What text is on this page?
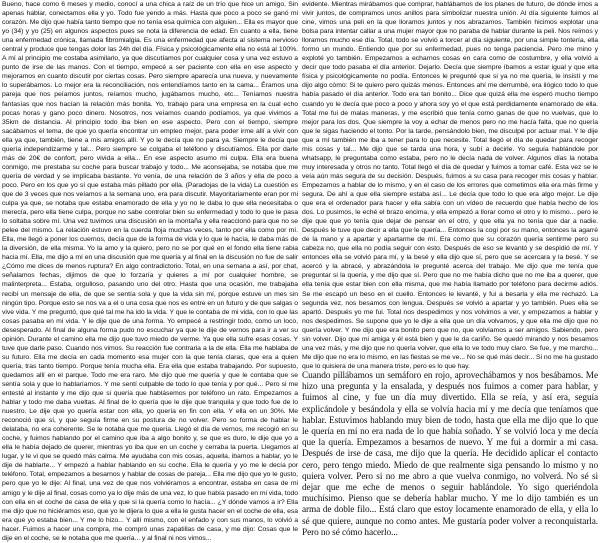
Bueno, hace como 6 meses y medio, conocí a una chica a raíz de un trío que hice un amigo. Sin apenas hablar, conectamos ella y yo. Todo fue yendo a más. Hasta que poco a poco se ganó mi corazón. Me dijo que había tanto tiempo que no tenía esa química con alguien... Ella es mayor que yo (34) y yo (25) en algunos aspectos pues se nota la diferencia de edad. En cuanto a ella, tiene una enfermedad crónica, llamada fibromialgia. Es una enfermedad que afecta al sistema nervioso central y produce que tengas dolor las 24h del día. Física y psicológicamente ella no está al 100%. A mí al principio me costaba asimilarlo, ya que discutíamos por cualquier cosa y una vez estuvo a punto de irse de las manos. Con el tiempo, empecé a ser paciente con ella en ese aspecto y mejoramos en cuanto discutir por ciertas cosas. Pero siempre aparecía una nueva, y nuevamente lo superábamos. Lo mejor era la reconciliación, nos entendíamos tanto en la cama... Éramos una pareja que nos peíamos juntos, reíamos mucho, jugábamos mucho, etc... Teníamos nuestra fantasías que nos hacían la relación más bonita. Yo, trabajo para una empresa en la cual echo pocas horas y gano poco dinero. Nosotros, nos veíamos cuando podíamos, ya que vivimos a 35km de distancia. Al principio todo iba bien en ese aspecto. Pero con el tiempo, siempre sacábamos el tema, de que yo quería encontrar un empleo mejor, para poder irme allí a vivir con ella ya que, también, tiene a mis amigos allí. Y yo le decía que no para ya. Siempre le decía que quería independizarme y tal... Pero siempre se colgaba el teléfono y discutíamos. Ella por darle más de 20€ de confort, pero vivida a ella... En ese aspecto asumo mi culpa. Ella era buena conmigo, me prestaba su coche para buscar trabajo y todo... Me aconsejaba, se notaba que me quería de verdad y se implicaba bastante. Yo venía, de una relación de 3 años y ella de poco a poco. Pero en los que yo sí que estaba más pillado por ella. (Paradojas de la vida) La cuestión es que de 3 veces que nos veíamos a la semana uno, era para discutir. Mayoritariamente eran por mi culpa ya que, se notaba que estaba enamorado de ella y yo no le daba lo que ella necesitaba o merecía, pero ella tiene culpa, porque no sabe controlar bien su enfermedad y todo lo que le pasa lo soltaba sobre mí. Una vez tuvimos una discusión en la montaña y ella reaccionó para que no se pelee del mismo. La relación estuvo en la cuerda floja muchas veces, tanto por ella como por mí. Ella, me llegó a poner los cuernos, decía que de la forma de vida y lo que le hacía, le daba más de la diversión, de ella misma. Yo la amo y la quiero, pero no se por qué en el fondo ella tiene rabia hacia mí. Ella, me dijo a mí en una discusión que me quería y al final en la discusión no fue de salir ¿Cómo me dices de menos ruptura? En algo contradictorio. Total, en una semana a así, por chat, señalamos fechas, dijimos de que lo forzaría y quieres a mí por cualquier hombre, se malinterpreta... Estaba, orgulloso, pasando uno del otro. Hasta que una ocasión, me trabajaba recibí un mensaje de ella, de que se sentía sola y que la vida sin mí, porque estuve un mes sin ningún tipo. Porque esto se nos va a el o una cosa que nos es entre en un futuro y de que salgas o vive vida. Y me preguntó, que qué tal me ha ido la vida. Y que le contaba de mi vida, con lo que las cosas pasaba en mi vida. Y le dije que de una forma. Yo empecé a restringir todo, como un loco, desesperado. Al final de alguna forma pudo no escuchar ya que le dije de vernos para ir a ver su opinión. Durante el camino ella me dijo que tuvo miedo de verme. Ya que ella sufre esas cosas. Y tuve que darle paso. Cuando nos vimos. Su reacción fue contraria a la de ella. Ella me hablaba de su futuro. Ella me decía en cada momento esa mujer con la que tenía claras, que era a quien quería, tras tanto tiempo. Porque tenía mucha ella. Era ella que estaba trabajando. Por supuesto, quedamos allí en el parque. Todo me era raro. Me dijo que me quería y que le contaba que se sentía sola y que lo hablaríamos. Y me sentí culpable de todo lo que tenía y por qué... Pero si me entesté al instante y me dijo que si quería que hablásemos por teléfono un rato. Empezamos a hablar y todo me daba vueltas. Al final de lo quería que le dije que tranquila y que todo fue de lo nuestro. Le dije que yo quería estar con ella, yo quería en fin con ella. Y ella en un 30%. Me reconoció que sí, y que seguía firme en su postura de no volver. Pero so forma de hablar le delataba, no era coherente. Se le notaba que me quería. Llegó el día de vernos, me recogió en su coche, y fuimos hablando por el camino que iba a algo bonito y, se que es duro, le dije que yo a ella le había dejado de querer, mientras yo iba que en un coche y cerraba la puerta. Llegamos al lugar, y le vi que se quedó más calma. Me ayudaba con mis cosas, aquella, ibamos a hablar, yo le dije de hablarte... Y empezó a hablar hablando en su coche. Ella le quería y yo me le decía por teléfono. Total, empezamos a besarnos y hablar de cosas de pareja... Ella me dijo que yo le gusto, pero que yo le dije: Al final, una vez de que nos volviéramos a encontrar, estaba en casa de mi amigo y le dije al final, cosas como ya lo dije más de una vez, lo que había pasado en mi vida, todo con ella en el coche de casa de ella y que si la quería como lo hacía... ¿Y dónde vamos a ir? Ella me dijo que no hiciéramos eso, que yo le dijera lo que a ella le gusta hacer en el coche de ella, esa era que yo estaba bien... Y me lo hizo... Y allí mismo, con el enfado y con sus manos, lo volvió a hacer. Fuimos a hacer una compra, me compró unas zapatillas de casa, y me dijo: Cosas que le dije en el coche, se le notaba que me quería... y al final ni nos vimos...

evidente. Mientras mirábamos que comprar, hablábamos de los planes de futuro, de dónde irnos a vivir juntos, de compramos unos anillos para simbolizar nuestra unión. Al día siguiente fuimos al cine, vimos una peli en la que lloramos juntos y nos abrazamos. También hicimos explotar una bolsa para intentar callar a una mujer mayor que no paraba de hablar durante la peli. Nos reímos y lloramos mucho ese día. Total, todo se volvió a torcer al día siguiente, por una simple tontería, ella formo un mundo. Entiendo que por su enfermedad, pues no tenga paciencia. Pero me mino y exploté yo también. Empezamos a echarnos cosas en cara como de costumbre, y ella volvió a decir que todo pasaba el día anterior. Dejarlo. Decía que siempre íbamos a estar igual y que ella física y psicológicamente no podía. Entonces le pregunté que si ya no me quería, le insistí y me dijo algo cómo: Si te quiero pero quizás menos. Entonces ahí me derrumbé, era ilógico todo lo que había pasado el día anterior. Todo era tan bonito... Dice que quizá ella me esperó mucho tiempo cuando yo le decía que poco a poco y ahora soy yo el que está perdidamente enamorado de ella. Total me fui de malas maneras, y me escribió que tenía como ganas de que no vuelvas, que lo mejor para los dos. Que siempre la voy a echar de menos pero no me hacía falta, que no quería que le sigas haciendo el tonto. Por la tarde, pensándolo bien, me disculpé por actuar mal. Y le dije que a mí también me iba a tener para lo que necesite. Total llegó el día de quedar para recoger mis cosas y tal... Me dijo que se tarda una hora, y subí a decirle. Yo seguía hablándole por whatsapp, le preguntaba como estaba, pero no le decía nada de volver. Algunos días la notaba muy interesada y otros no tanto. Total llegó el día de quedar y fuimos a tomar café. Esta vez se le veía aún más segura de su decisión. Después, fuimos a su casa para recoger mis cosas y hablar. Empezamos a hablar de lo mismo, y en el caso de los errores que cometimos ella era más firme y segura. De ahí a que ella siempre estaba así... Le decía que todo lo que era algo mejor. Le dije que era el ordenador para hacer y ella sabía con un vídeo de recuerdo que había hecho de los dos. Lo pusimos, le eché el brazo encima, y ella empezó a llorar como el otro y lo mismo... pero le dije que que yo tenía que dejar de pensar en el otro, y que ella ya no tenía que dar a nadie. Después le tuve que decir a ella que le quería... Entonces la cogí por su mano, entonces la agarré de la mano y a apartar y apartarme de mí. Era como que su corazón quería sentirme pero su cabeza no, que ella no podía seguir con esto. Después de eso se levantó y se despidió de mí. Y entonces ella se volvió para mí, y la besé y ella dijo que sí, pero que se acercara y la besé. Y se acercó y la abracé, y abrazándola le pregunté acerca del trabajo. Me dijo que me tenía que preguntar si la quería, y me dijo que sí. Pero que no me había dicho que no me iba a querer, que ella tenía que estar bien con ella misma, que me había llamado por teléfono para decirme adiós. Se me escapó un beso en el cuello. Entonces le levanté, y fui a besarla y ella me rechazó. La segunda vez, nos besamos con lengua. Después se volvió a apartar y yo también. Pues ella se apartó. Después yo me fui. Total nos despedimos y nos volvimos a ver, y empezamos a hablar y nos despedimos. Se supone que yo le dije a ella que un día volvamos, y que ella me dijo que no quería volver. Y me dijo que era bonito pero que no, que volvíamos a ser amigos. Sabiendo, pero sin volver. Dijo que mi amiga y él está bien y que le da cariño. Se quedó mirando y nos besamos una vez más, y me dijo que no quería volver, que ella lo ve todo muy claro. Se fue, y me marcho... Me dijo que no era lo mismo, en las fiestas se me ve... No se qué más decir... Si no me ha gustado que lo quisiera de una manera triste, pero es lo que hay.

Cuando pillábamos un semáforo en rojo, aprovechábamos y nos besábamos. Me hizo una pregunta y la ensalada, y después nos fuimos a comer para hablar, y fuimos al cine, y fue un día muy divertido. Ella se reía, y así era, seguía explicándole y besándola y ella se volvía hacia mí y me decía que teníamos que hablar. Estuvimos hablando muy bien de todo, hasta que ella me dijo que lo que le quería en mí no era nada de lo que había soñado. Y se volvió loca y me decía que la quería. Empezamos a besarnos de nuevo. Y me fui a dormir a mi casa. Después de irse de casa, me dijo que la quería. He decidido aplicar el contacto cero, pero tengo miedo. Miedo de que realmente siga pensando lo mismo y no quiera volver. Pero si no me abro a que vuelva conmigo, no volverá. No sé si dejar que me eche de menos o seguir hablándole. Yo sigo queriéndola muchísimo. Pienso que se debería hablar mucho. Y me lo dijo también es un arma de doble filo... Está claro que estoy locamente enamorado de ella, y ella lo sé que quiere, aunque no como antes. Me gustaría poder volver a reconquistarla. Pero no sé cómo hacerlo...
